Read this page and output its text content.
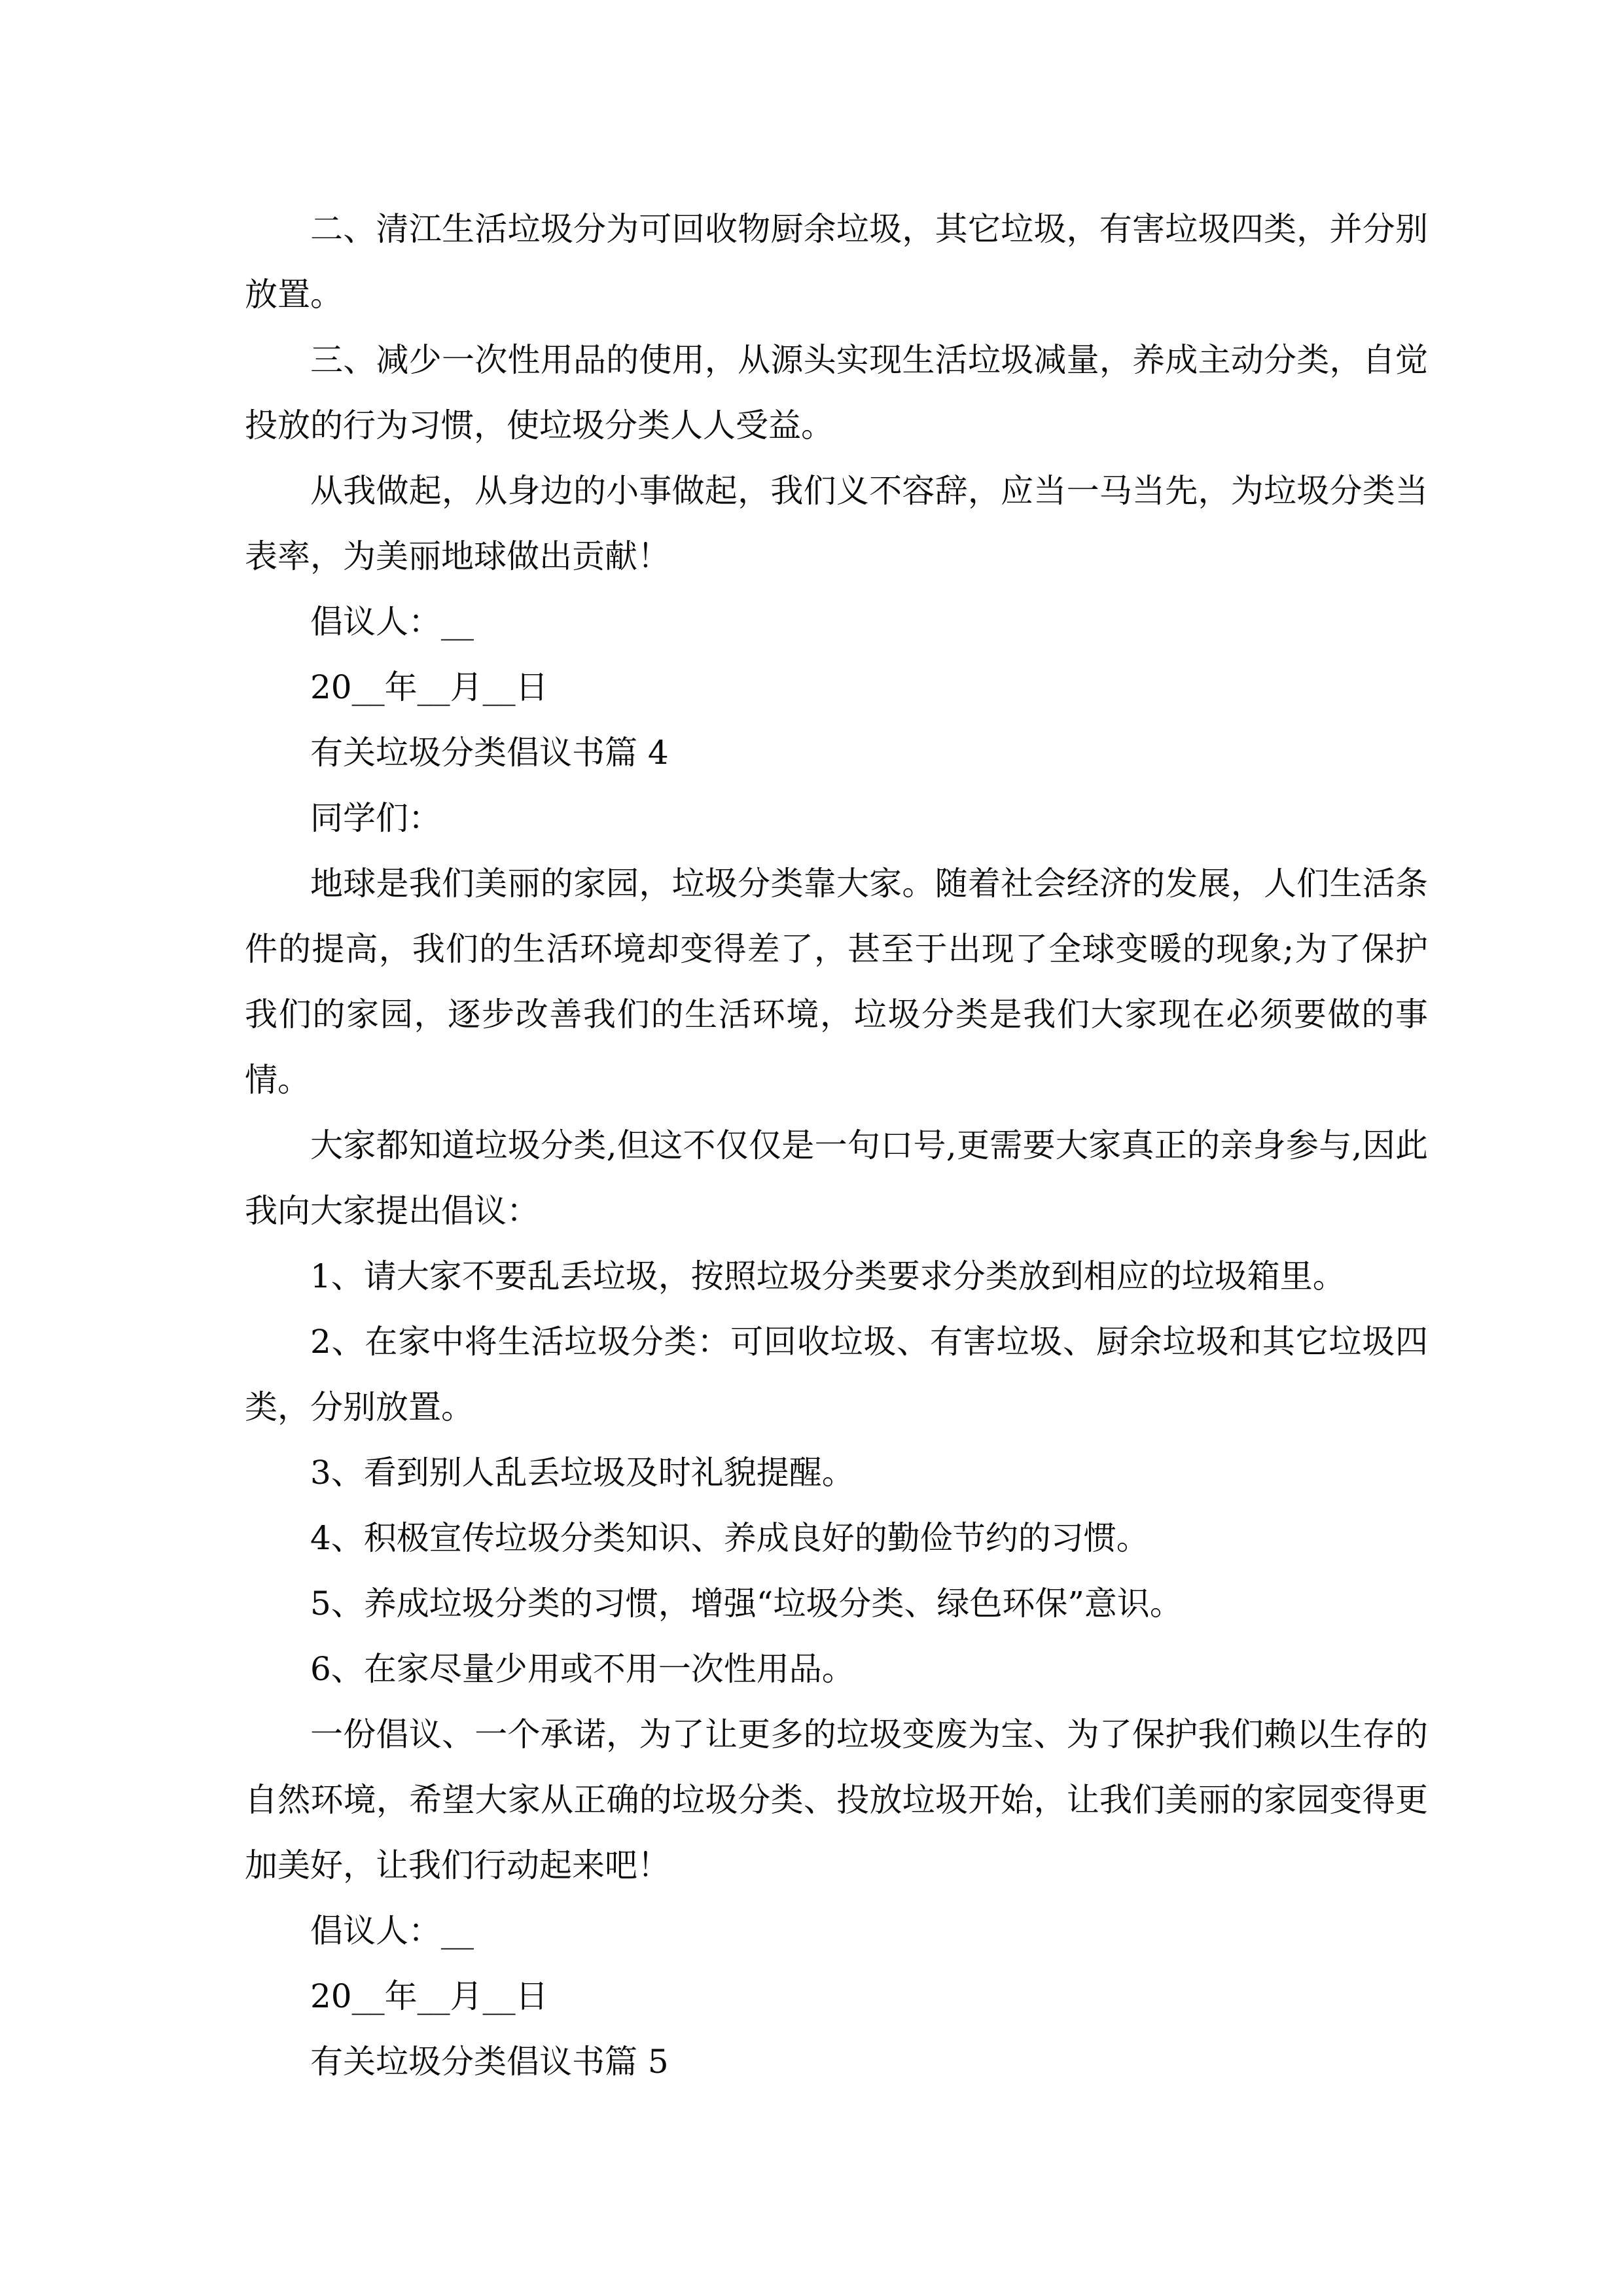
二、清江生活垃圾分为可回收物厨余垃圾，其它垃圾，有害垃圾四类，并分别放置。

三、减少一次性用品的使用，从源头实现生活垃圾减量，养成主动分类，自觉投放的行为习惯，使垃圾分类人人受益。

从我做起，从身边的小事做起，我们义不容辞，应当一马当先，为垃圾分类当表率，为美丽地球做出贡献！

倡议人：__

20__年__月__日

有关垃圾分类倡议书篇 4

同学们：

地球是我们美丽的家园，垃圾分类靠大家。随着社会经济的发展，人们生活条件的提高，我们的生活环境却变得差了，甚至于出现了全球变暖的现象;为了保护我们的家园，逐步改善我们的生活环境，垃圾分类是我们大家现在必须要做的事情。

大家都知道垃圾分类,但这不仅仅是一句口号,更需要大家真正的亲身参与,因此我向大家提出倡议：

1、请大家不要乱丢垃圾，按照垃圾分类要求分类放到相应的垃圾箱里。

2、在家中将生活垃圾分类：可回收垃圾、有害垃圾、厨余垃圾和其它垃圾四类，分别放置。

3、看到别人乱丢垃圾及时礼貌提醒。

4、积极宣传垃圾分类知识、养成良好的勤俭节约的习惯。

5、养成垃圾分类的习惯，增强“垃圾分类、绿色环保”意识。

6、在家尽量少用或不用一次性用品。

一份倡议、一个承诺，为了让更多的垃圾变废为宝、为了保护我们赖以生存的自然环境，希望大家从正确的垃圾分类、投放垃圾开始，让我们美丽的家园变得更加美好，让我们行动起来吧！

倡议人：__

20__年__月__日

有关垃圾分类倡议书篇 5
